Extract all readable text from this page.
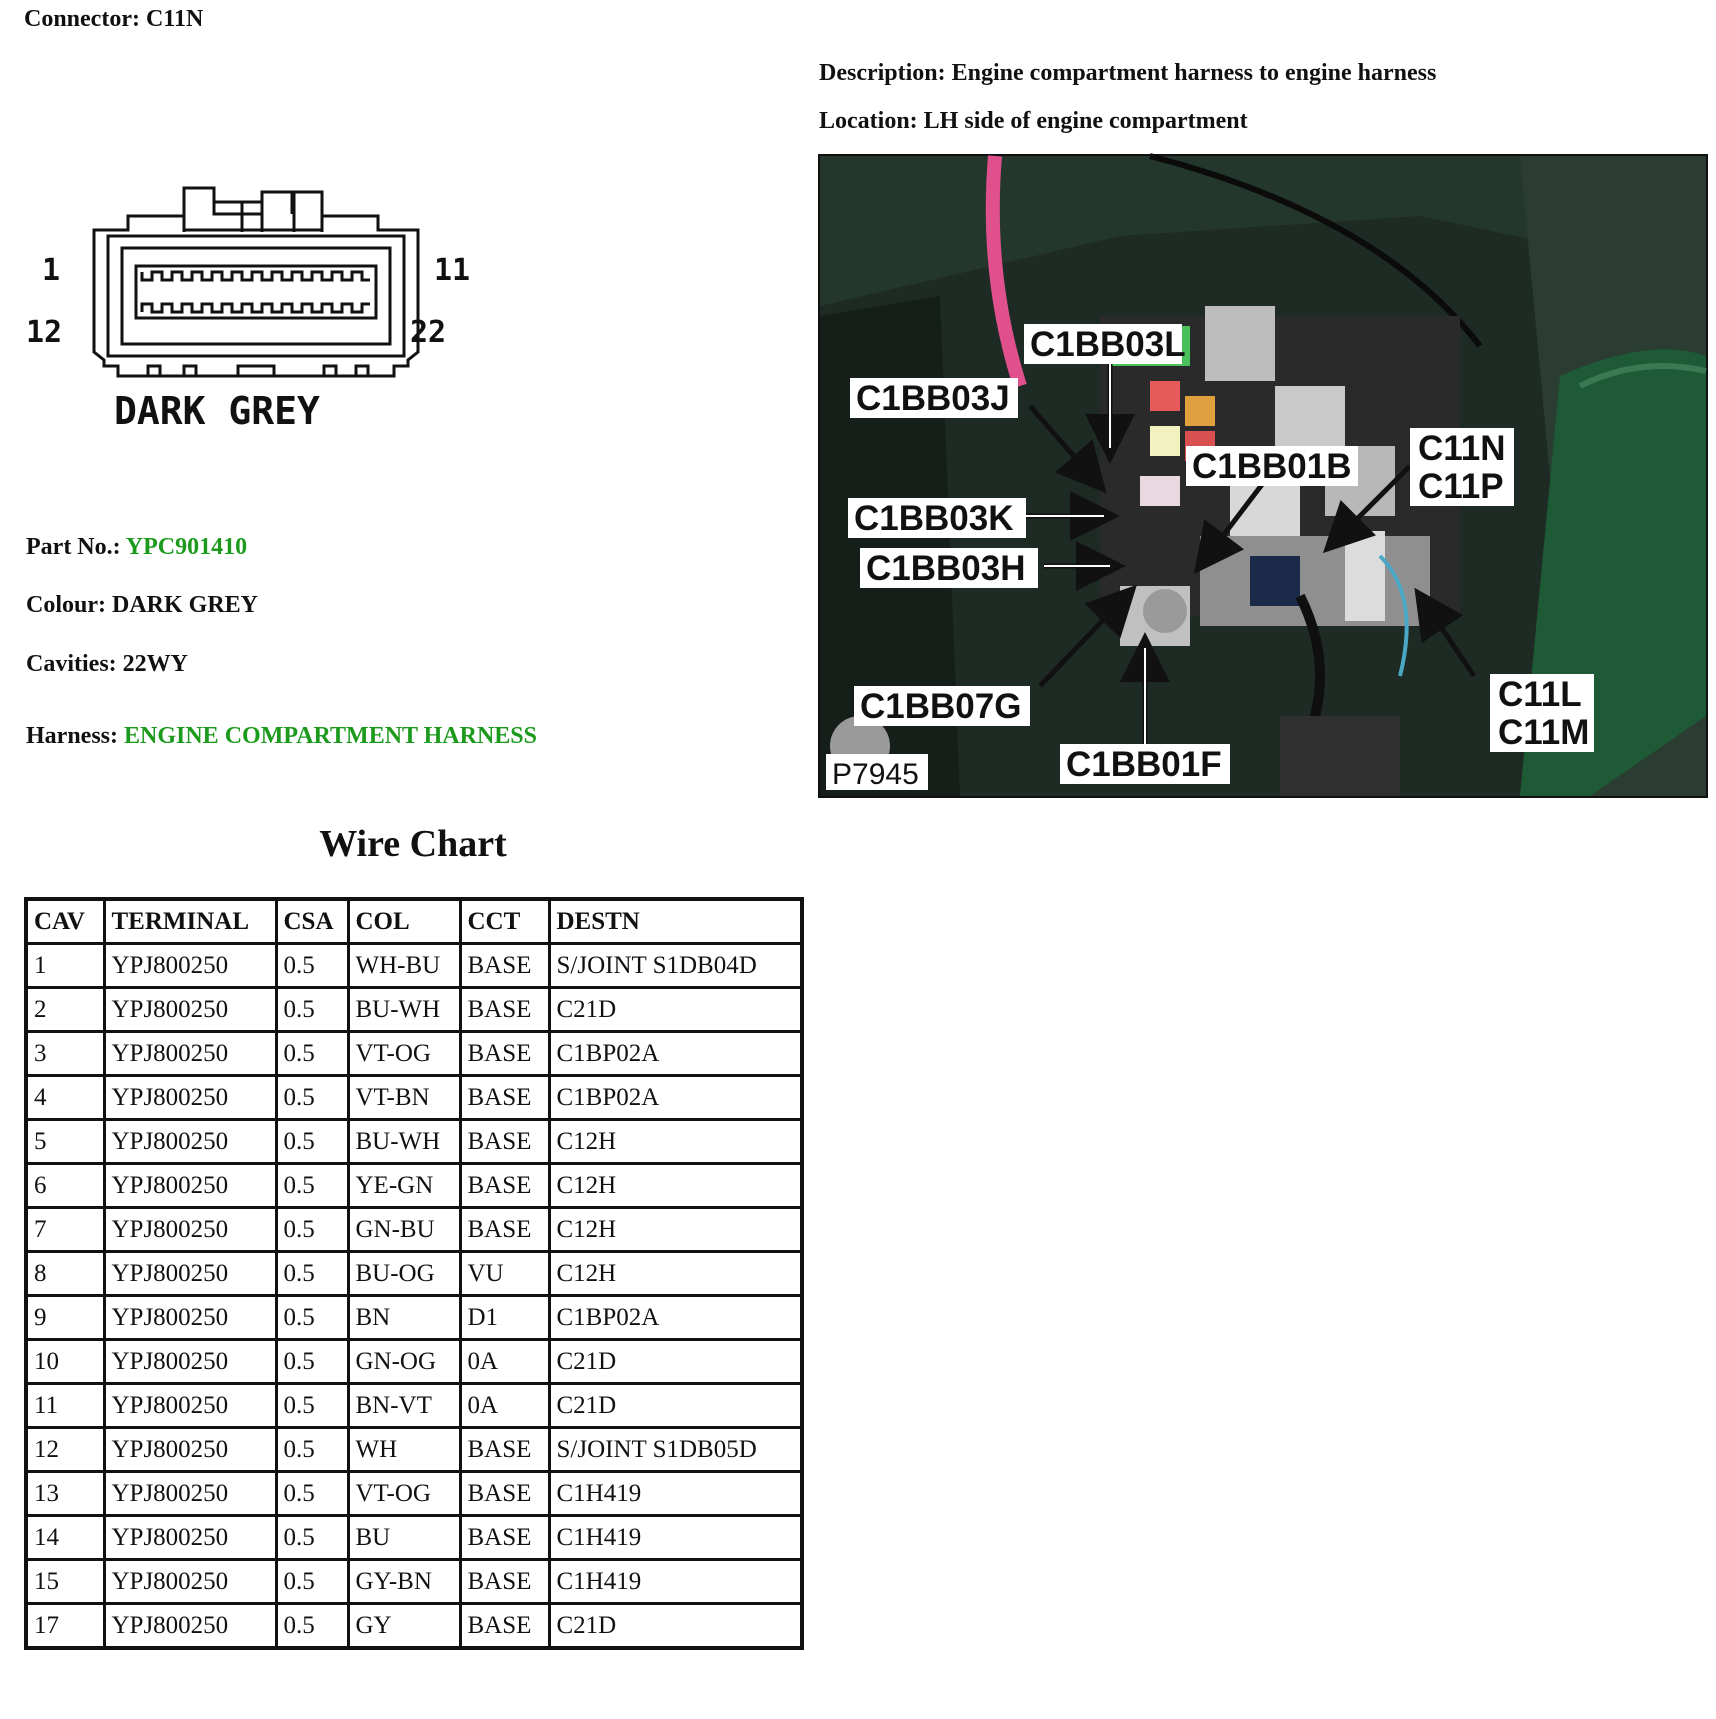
Connector: C11N
Description: Engine compartment harness to engine harness
Location: LH side of engine compartment
1
12
11
22
DARK GREY
Part No.: YPC901410
Colour: DARK GREY
Cavities: 22WY
Harness: ENGINE COMPARTMENT HARNESS
C1BB03L
C1BB03J
C1BB01B C11N
C11P
C1BB03K
C1BB03H
C1BB07G
C1BB01F
C11L
C11M
P7945
Wire Chart
CAV	TERMINAL	CSA	COL	CCT	DESTN
1	YPJ800250	0.5	WH-BU	BASE	S/JOINT S1DB04D
2	YPJ800250	0.5	BU-WH	BASE	C21D
3	YPJ800250	0.5	VT-OG	BASE	C1BP02A
4	YPJ800250	0.5	VT-BN	BASE	C1BP02A
5	YPJ800250	0.5	BU-WH	BASE	C12H
6	YPJ800250	0.5	YE-GN	BASE	C12H
7	YPJ800250	0.5	GN-BU	BASE	C12H
8	YPJ800250	0.5	BU-OG	VU	C12H
9	YPJ800250	0.5	BN	D1	C1BP02A
10	YPJ800250	0.5	GN-OG	0A	C21D
11	YPJ800250	0.5	BN-VT	0A	C21D
12	YPJ800250	0.5	WH	BASE	S/JOINT S1DB05D
13	YPJ800250	0.5	VT-OG	BASE	C1H419
14	YPJ800250	0.5	BU	BASE	C1H419
15	YPJ800250	0.5	GY-BN	BASE	C1H419
17	YPJ800250	0.5	GY	BASE	C21D
